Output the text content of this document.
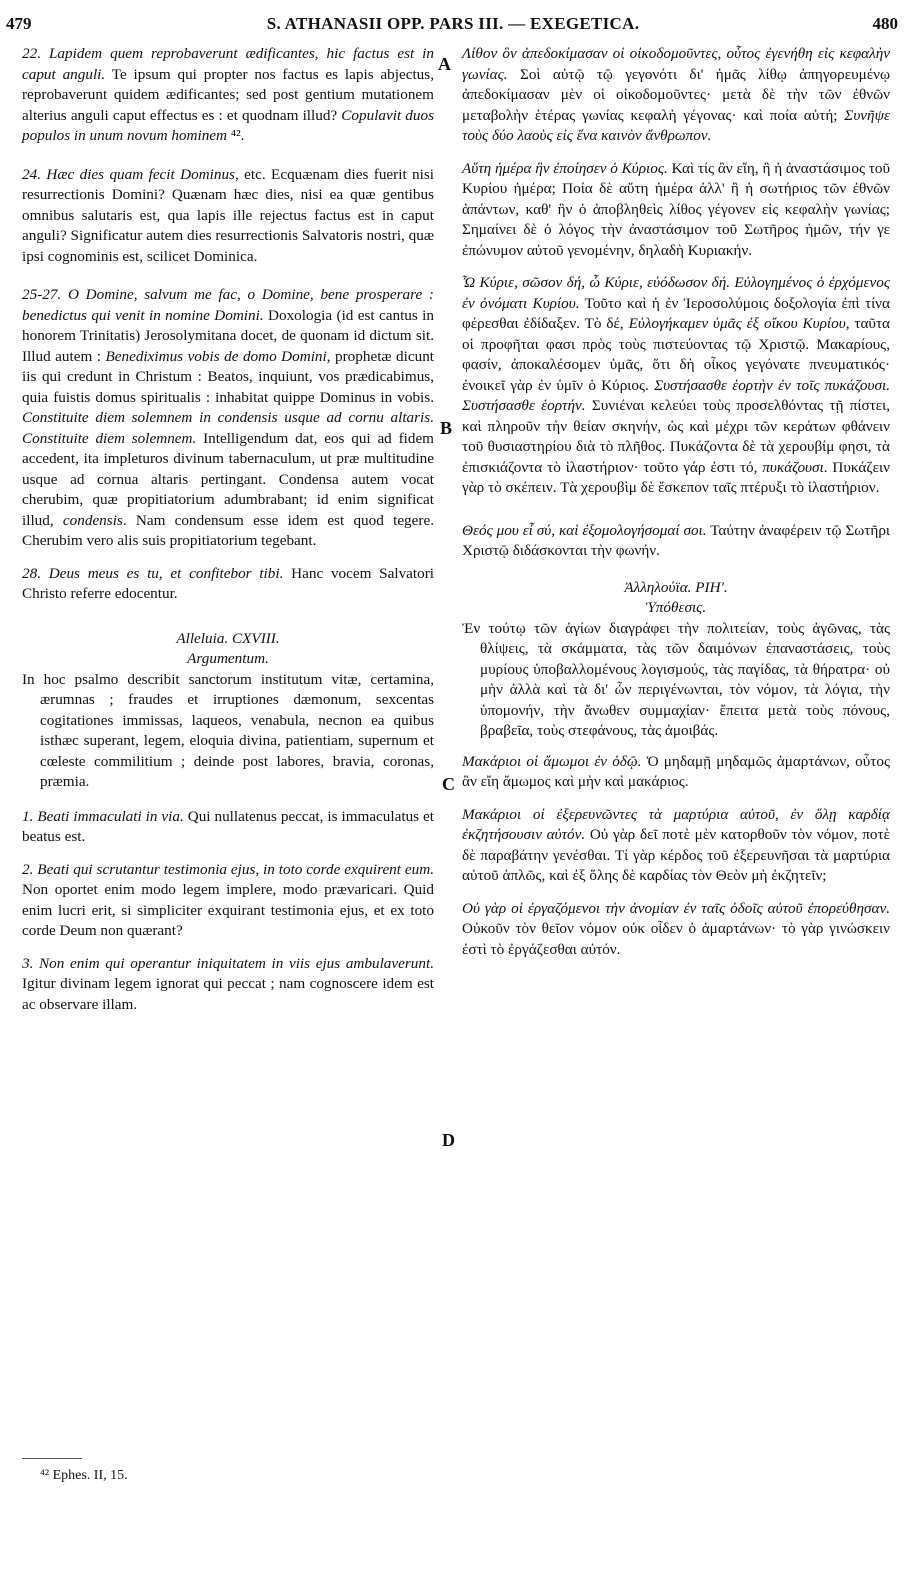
479	S. ATHANASII OPP. PARS III. — EXEGETICA.	480
A
B
C
D

22. Lapidem quem reprobaverunt ædificantes, hic factus est in caput anguli. Te ipsum qui propter nos factus es lapis abjectus, reprobaverunt quidem ædificantes; sed post gentium mutationem alterius anguli caput effectus es : et quodnam illud? Copulavit duos populos in unum novum hominem ⁴².

24. Hæc dies quam fecit Dominus, etc. Ecquænam dies fuerit nisi resurrectionis Domini? Quænam hæc dies, nisi ea quæ gentibus omnibus salutaris est, qua lapis ille rejectus factus est in caput anguli? Significatur autem dies resurrectionis Salvatoris nostri, quæ ipsi cognominis est, scilicet Dominica.

25-27. O Domine, salvum me fac, o Domine, bene prosperare : benedictus qui venit in nomine Domini. Doxologia (id est cantus in honorem Trinitatis) Jerosolymitana docet, de quonam id dictum sit. Illud autem : Benediximus vobis de domo Domini, prophetæ dicunt iis qui credunt in Christum : Beatos, inquiunt, vos prædicabimus, quia fuistis domus spiritualis : inhabitat quippe Dominus in vobis. Constituite diem solemnem in condensis usque ad cornu altaris. Constituite diem solemnem. Intelligendum dat, eos qui ad fidem accedent, ita impleturos divinum tabernaculum, ut præ multitudine usque ad cornua altaris pertingant. Condensa autem vocat cherubim, quæ propitiatorium adumbrabant; id enim significat illud, condensis. Nam condensum esse idem est quod tegere. Cherubim vero alis suis propitiatorium tegebant.

28. Deus meus es tu, et confitebor tibi. Hanc vocem Salvatori Christo referre edocentur.

Alleluia. CXVIII.

Argumentum.

In hoc psalmo describit sanctorum institutum vitæ, certamina, ærumnas ; fraudes et irruptiones dæmonum, sexcentas cogitationes immissas, laqueos, venabula, necnon ea quibus isthæc superant, legem, eloquia divina, patientiam, supernum et cœleste commilitium ; deinde post labores, bravia, coronas, præmia.

1. Beati immaculati in via. Qui nullatenus peccat, is immaculatus et beatus est.

2. Beati qui scrutantur testimonia ejus, in toto corde exquirent eum. Non oportet enim modo legem implere, modo prævaricari. Quid enim lucri erit, si simpliciter exquirant testimonia ejus, et ex toto corde Deum non quærant?

3. Non enim qui operantur iniquitatem in viis ejus ambulaverunt. Igitur divinam legem ignorat qui peccat ; nam cognoscere idem est ac observare illam.

Λίθον ὃν ἀπεδοκίμασαν οἱ οἰκοδομοῦντες, οὗτος ἐγενήθη εἰς κεφαλὴν γωνίας. Σοὶ αὐτῷ τῷ γεγονότι δι' ἡμᾶς λίθῳ ἀπηγορευμένῳ ἀπεδοκίμασαν μὲν οἱ οἰκοδομοῦντες· μετὰ δὲ τὴν τῶν ἐθνῶν μεταβολὴν ἑτέρας γωνίας κεφαλὴ γέγονας· καὶ ποία αὐτή; Συνῆψε τοὺς δύο λαοὺς εἰς ἕνα καινὸν ἄνθρωπον.

Αὕτη ἡμέρα ἣν ἐποίησεν ὁ Κύριος. Καὶ τίς ἂν εἴη, ἢ ἡ ἀναστάσιμος τοῦ Κυρίου ἡμέρα; Ποία δὲ αὕτη ἡμέρα ἀλλ' ἢ ἡ σωτήριος τῶν ἐθνῶν ἁπάντων, καθ' ἣν ὁ ἀποβληθεὶς λίθος γέγονεν εἰς κεφαλὴν γωνίας; Σημαίνει δὲ ὁ λόγος τὴν ἀναστάσιμον τοῦ Σωτῆρος ἡμῶν, τήν γε ἐπώνυμον αὐτοῦ γενομένην, δηλαδὴ Κυριακήν.

Ὦ Κύριε, σῶσον δή, ὦ Κύριε, εὐόδωσον δή. Εὐλογημένος ὁ ἐρχόμενος ἐν ὀνόματι Κυρίου. Τοῦτο καὶ ἡ ἐν Ἱεροσολύμοις δοξολογία ἐπὶ τίνα φέρεσθαι ἐδίδαξεν. Τὸ δέ, Εὐλογήκαμεν ὑμᾶς ἐξ οἴκου Κυρίου, ταῦτα οἱ προφῆται φασι πρὸς τοὺς πιστεύοντας τῷ Χριστῷ. Μακαρίους, φασίν, ἀποκαλέσομεν ὑμᾶς, ὅτι δὴ οἶκος γεγόνατε πνευματικός· ἐνοικεῖ γὰρ ἐν ὑμῖν ὁ Κύριος. Συστήσασθε ἑορτὴν ἐν τοῖς πυκάζουσι. Συστήσασθε ἑορτήν. Συνιέναι κελεύει τοὺς προσελθόντας τῇ πίστει, καὶ πληροῦν τὴν θείαν σκηνήν, ὡς καὶ μέχρι τῶν κεράτων φθάνειν τοῦ θυσιαστηρίου διὰ τὸ πλῆθος. Πυκάζοντα δὲ τὰ χερουβίμ φησι, τὰ ἐπισκιάζοντα τὸ ἱλαστήριον· τοῦτο γάρ ἐστι τό, πυκάζουσι. Πυκάζειν γὰρ τὸ σκέπειν. Τὰ χερουβὶμ δὲ ἔσκεπον ταῖς πτέρυξι τὸ ἱλαστήριον.

Θεός μου εἶ σύ, καὶ ἐξομολογήσομαί σοι. Ταύτην ἀναφέρειν τῷ Σωτῆρι Χριστῷ διδάσκονται τὴν φωνήν.

Ἀλληλούϊα. ΡΙΗ'.

Ὑπόθεσις.

Ἐν τούτῳ τῶν ἁγίων διαγράφει τὴν πολιτείαν, τοὺς ἀγῶνας, τὰς θλίψεις, τὰ σκάμματα, τὰς τῶν δαιμόνων ἐπαναστάσεις, τοὺς μυρίους ὑποβαλλομένους λογισμούς, τὰς παγίδας, τὰ θήρατρα· οὐ μὴν ἀλλὰ καὶ τὰ δι' ὧν περιγένωνται, τὸν νόμον, τὰ λόγια, τὴν ὑπομονήν, τὴν ἄνωθεν συμμαχίαν· ἔπειτα μετὰ τοὺς πόνους, βραβεῖα, τοὺς στεφάνους, τὰς ἀμοιβάς.

Μακάριοι οἱ ἄμωμοι ἐν ὁδῷ. Ὁ μηδαμῇ μηδαμῶς ἁμαρτάνων, οὗτος ἂν εἴη ἄμωμος καὶ μὴν καὶ μακάριος.

Μακάριοι οἱ ἐξερευνῶντες τὰ μαρτύρια αὐτοῦ, ἐν ὅλῃ καρδίᾳ ἐκζητήσουσιν αὐτόν. Οὐ γὰρ δεῖ ποτὲ μὲν κατορθοῦν τὸν νόμον, ποτὲ δὲ παραβάτην γενέσθαι. Τί γὰρ κέρδος τοῦ ἐξερευνῆσαι τὰ μαρτύρια αὐτοῦ ἁπλῶς, καὶ ἐξ ὅλης δὲ καρδίας τὸν Θεὸν μὴ ἐκζητεῖν;

Οὐ γὰρ οἱ ἐργαζόμενοι τὴν ἀνομίαν ἐν ταῖς ὁδοῖς αὐτοῦ ἐπορεύθησαν. Οὐκοῦν τὸν θεῖον νόμον οὐκ οἶδεν ὁ ἁμαρτάνων· τὸ γὰρ γινώσκειν ἐστὶ τὸ ἐργάζεσθαι αὐτόν.

⁴² Ephes. II, 15.
